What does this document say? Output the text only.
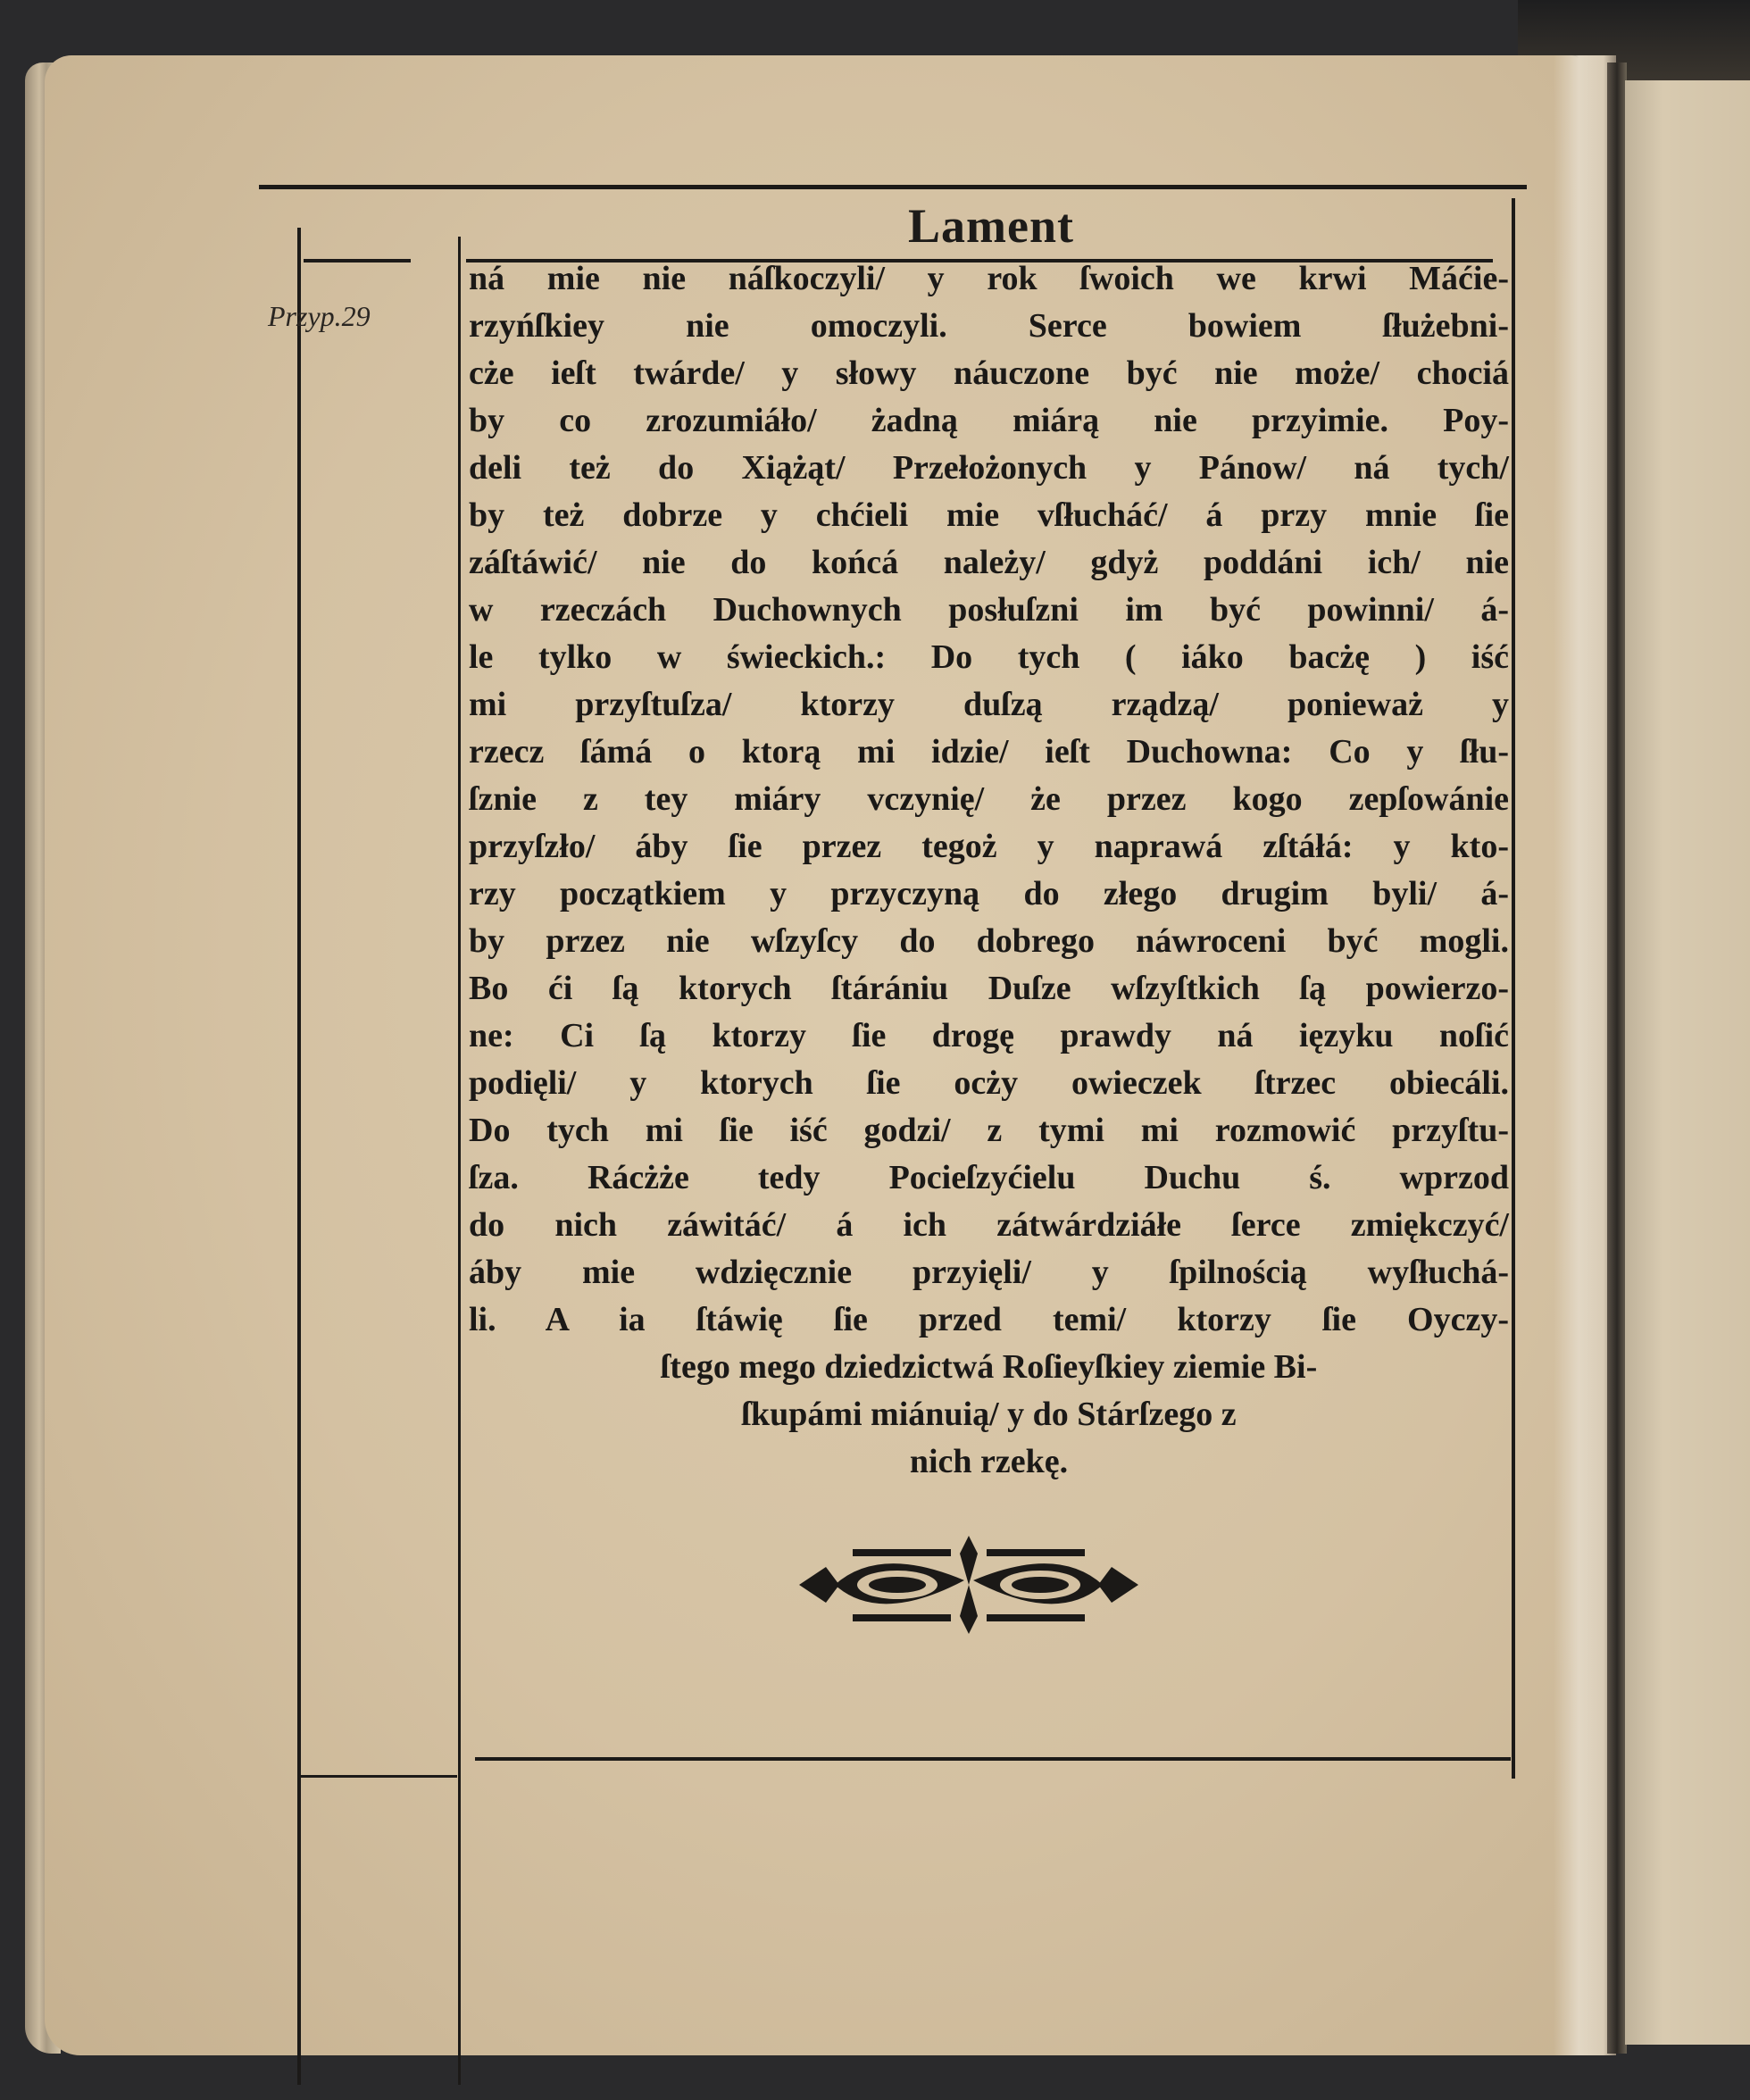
Lament
Przyp.29
ná mie nie náſkoczyli/ y rok ſwoich we krwi Máćie-
rzyńſkiey nie omoczyli. Serce bowiem ſłużebni-
cże ieſt twárde/ y słowy náuczone być nie może/ chociá
by co zrozumiáło/ żadną miárą nie przyimie. Poy-
deli też do Xiążąt/ Przełożonych y Pánow/ ná tych/
by też dobrze y chćieli mie vſłucháć/ á przy mnie ſie
záſtáwić/ nie do końcá należy/ gdyż poddáni ich/ nie
w rzeczách Duchownych posłuſzni im być powinni/ á-
le tylko w świeckich.: Do tych ( iáko bacżę ) iść
mi przyſtuſza/ ktorzy duſzą rządzą/ ponieważ y
rzecz ſámá o ktorą mi idzie/ ieſt Duchowna: Co y ſłu-
ſznie z tey miáry vczynię/ że przez kogo zepſowánie
przyſzło/ áby ſie przez tegoż y naprawá zſtáłá: y kto-
rzy początkiem y przyczyną do złego drugim byli/ á-
by przez nie wſzyſcy do dobrego náwroceni być mogli.
Bo ći ſą ktorych ſtárániu Duſze wſzyſtkich ſą powierzo-
ne: Ci ſą ktorzy ſie drogę prawdy ná ięzyku noſić
podięli/ y ktorych ſie ocży owieczek ſtrzec obiecáli.
Do tych mi ſie iść godzi/ z tymi mi rozmowić przyſtu-
ſza. Rácżże tedy Pocieſzyćielu Duchu ś. wprzod
do nich záwitáć/ á ich zátwárdziáłe ſerce zmiękczyć/
áby mie wdzięcznie przyięli/ y ſpilnością wyſłuchá-
li. A ia ſtáwię ſie przed temi/ ktorzy ſie Oyczy-
ſtego mego dziedzictwá Roſieyſkiey ziemie Bi-
ſkupámi miánuią/ y do Stárſzego z
nich rzekę.
